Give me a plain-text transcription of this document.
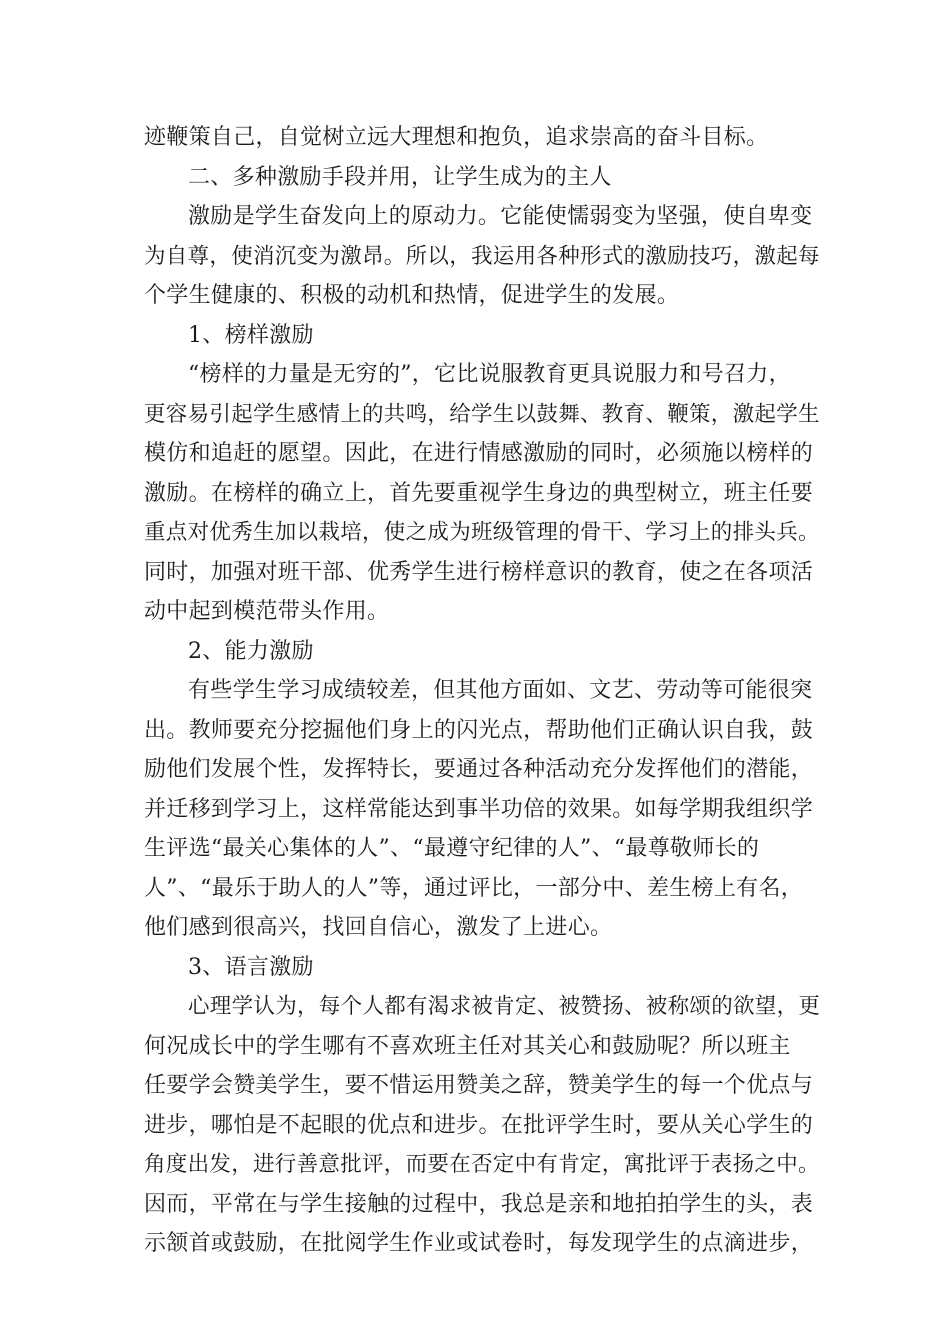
迹鞭策自己，自觉树立远大理想和抱负，追求崇高的奋斗目标。
二、多种激励手段并用，让学生成为的主人
激励是学生奋发向上的原动力。它能使懦弱变为坚强，使自卑变
为自尊，使消沉变为激昂。所以，我运用各种形式的激励技巧，激起每
个学生健康的、积极的动机和热情，促进学生的发展。
1、榜样激励
“榜样的力量是无穷的”，它比说服教育更具说服力和号召力，
更容易引起学生感情上的共鸣，给学生以鼓舞、教育、鞭策，激起学生
模仿和追赶的愿望。因此，在进行情感激励的同时，必须施以榜样的
激励。在榜样的确立上，首先要重视学生身边的典型树立，班主任要
重点对优秀生加以栽培，使之成为班级管理的骨干、学习上的排头兵。
同时，加强对班干部、优秀学生进行榜样意识的教育，使之在各项活
动中起到模范带头作用。
2、能力激励
有些学生学习成绩较差，但其他方面如、文艺、劳动等可能很突
出。教师要充分挖掘他们身上的闪光点，帮助他们正确认识自我，鼓
励他们发展个性，发挥特长，要通过各种活动充分发挥他们的潜能，
并迁移到学习上，这样常能达到事半功倍的效果。如每学期我组织学
生评选“最关心集体的人”、“最遵守纪律的人”、“最尊敬师长的
人”、“最乐于助人的人”等，通过评比，一部分中、差生榜上有名，
他们感到很高兴，找回自信心，激发了上进心。
3、语言激励
心理学认为，每个人都有渴求被肯定、被赞扬、被称颂的欲望，更
何况成长中的学生哪有不喜欢班主任对其关心和鼓励呢？所以班主
任要学会赞美学生，要不惜运用赞美之辞，赞美学生的每一个优点与
进步，哪怕是不起眼的优点和进步。在批评学生时，要从关心学生的
角度出发，进行善意批评，而要在否定中有肯定，寓批评于表扬之中。
因而，平常在与学生接触的过程中，我总是亲和地拍拍学生的头，表
示颔首或鼓励，在批阅学生作业或试卷时，每发现学生的点滴进步，
